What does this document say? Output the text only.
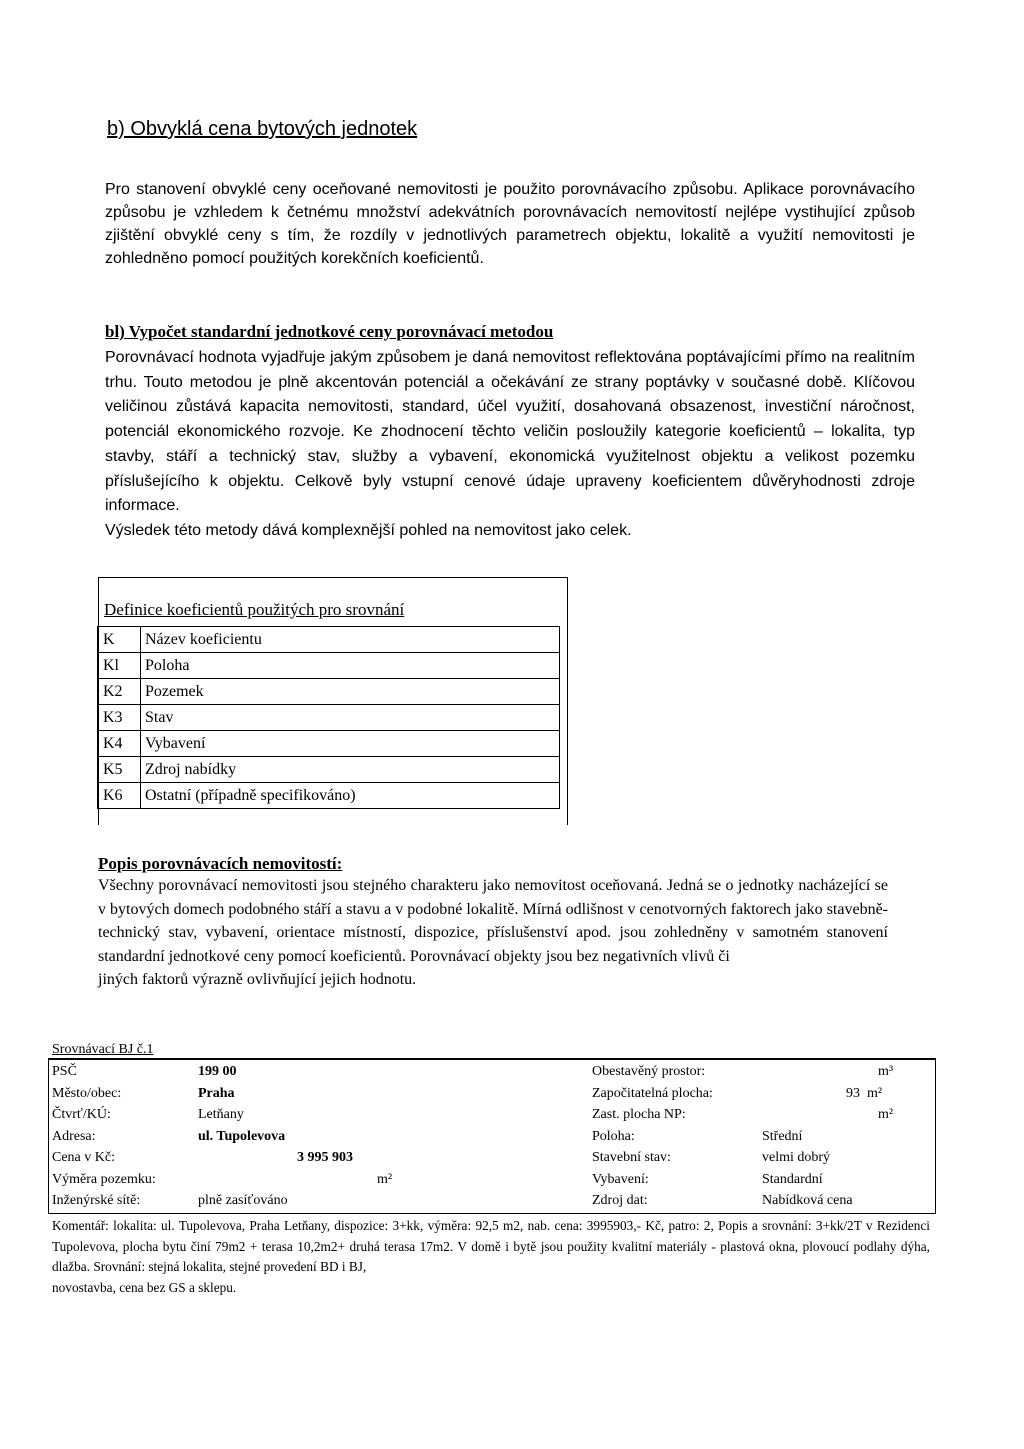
b) Obvyklá cena bytových jednotek
Pro stanovení obvyklé ceny oceňované nemovitosti je použito porovnávacího způsobu. Aplikace porovnávacího způsobu je vzhledem k četnému množství adekvátních porovnávacích nemovitostí nejlépe vystihující způsob zjištění obvyklé ceny s tím, že rozdíly v jednotlivých parametrech objektu, lokalitě a využití nemovitosti je zohledněno pomocí použitých korekčních koeficientů.
bl) Vypočet standardní jednotkové ceny porovnávací metodou
Porovnávací hodnota vyjadřuje jakým způsobem je daná nemovitost reflektována poptávajícími přímo na realitním trhu. Touto metodou je plně akcentován potenciál a očekávání ze strany poptávky v současné době. Klíčovou veličinou zůstává kapacita nemovitosti, standard, účel využití, dosahovaná obsazenost, investiční náročnost, potenciál ekonomického rozvoje. Ke zhodnocení těchto veličin posloužily kategorie koeficientů – lokalita, typ stavby, stáří a technický stav, služby a vybavení, ekonomická využitelnost objektu a velikost pozemku příslušejícího k objektu. Celkově byly vstupní cenové údaje upraveny koeficientem důvěryhodnosti zdroje informace.
Výsledek této metody dává komplexnější pohled na nemovitost jako celek.
Definice koeficientů použitých pro srovnání
K	Název koeficientu
Kl	Poloha
K2	Pozemek
K3	Stav
K4	Vybavení
K5	Zdroj nabídky
K6	Ostatní (případně specifikováno)
Popis porovnávacích nemovitostí:
Všechny porovnávací nemovitosti jsou stejného charakteru jako nemovitost oceňovaná. Jedná se o jednotky nacházející se v bytových domech podobného stáří a stavu a v podobné lokalitě. Mírná odlišnost v cenotvorných faktorech jako stavebně-technický stav, vybavení, orientace místností, dispozice, příslušenství apod. jsou zohledněny v samotném stanovení standardní jednotkové ceny pomocí koeficientů. Porovnávací objekty jsou bez negativních vlivů či
jiných faktorů výrazně ovlivňující jejich hodnotu.
Srovnávací BJ č.1
PSČ	199 00	Obestavěný prostor:	m³
Město/obec:	Praha	Započitatelná plocha:	93  m²
Čtvrť/KÚ:	Letňany	Zast. plocha NP:	m²
Adresa:	ul. Tupolevova	Poloha:	Střední
Cena v Kč:	3 995 903	Stavební stav:	velmi dobrý
Výměra pozemku:	m²	Vybavení:	Standardní
Inženýrské sítě:	plně zasíťováno	Zdroj dat:	Nabídková cena
Komentář: lokalita: ul. Tupolevova, Praha Letňany, dispozice: 3+kk, výměra: 92,5 m2, nab. cena: 3995903,- Kč, patro: 2, Popis a srovnání: 3+kk/2T v Rezidenci Tupolevova, plocha bytu činí 79m2 + terasa 10,2m2+ druhá terasa 17m2. V domě i bytě jsou použity kvalitní materiály - plastová okna, plovoucí podlahy dýha, dlažba. Srovnání: stejná lokalita, stejné provedení BD i BJ,
novostavba, cena bez GS a sklepu.
